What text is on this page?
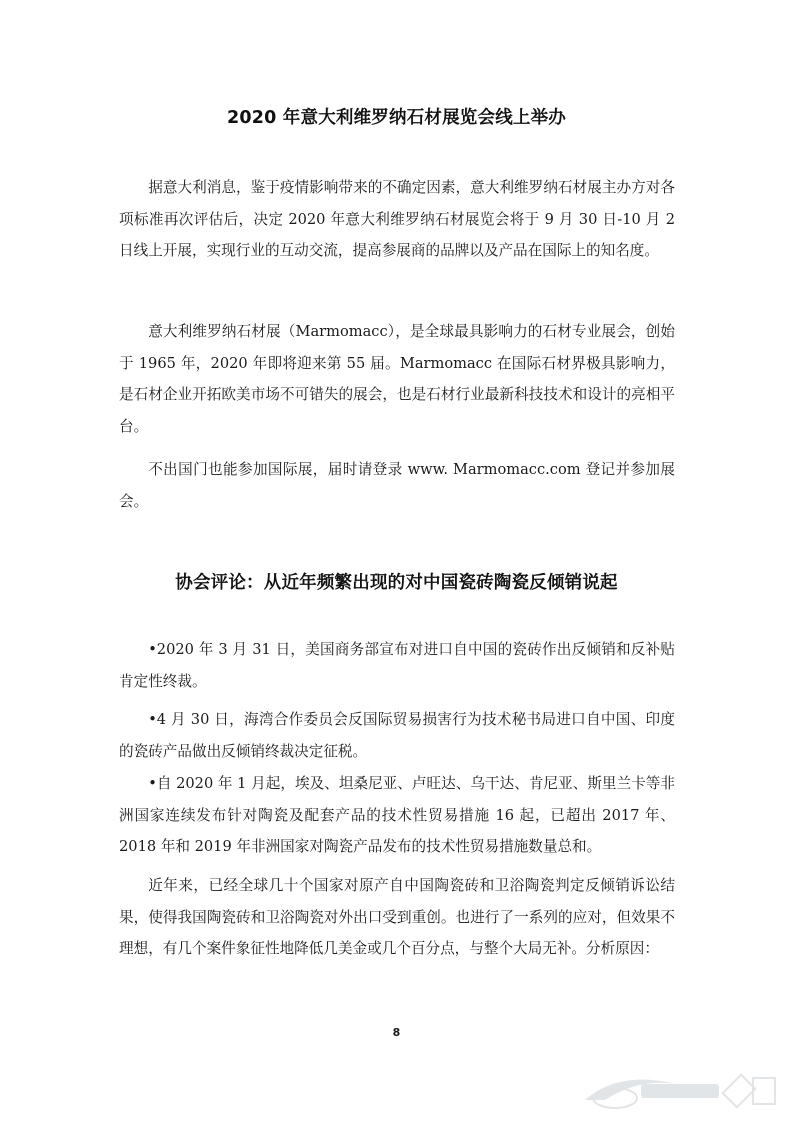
2020 年意大利维罗纳石材展览会线上举办

据意大利消息，鉴于疫情影响带来的不确定因素，意大利维罗纳石材展主办方对各项标准再次评估后，决定 2020 年意大利维罗纳石材展览会将于 9 月 30 日-10 月 2 日线上开展，实现行业的互动交流，提高参展商的品牌以及产品在国际上的知名度。

意大利维罗纳石材展（Marmomacc），是全球最具影响力的石材专业展会，创始于 1965 年，2020 年即将迎来第 55 届。Marmomacc 在国际石材界极具影响力，是石材企业开拓欧美市场不可错失的展会，也是石材行业最新科技技术和设计的亮相平台。

不出国门也能参加国际展，届时请登录 www. Marmomacc.com 登记并参加展会。

协会评论：从近年频繁出现的对中国瓷砖陶瓷反倾销说起

•2020 年 3 月 31 日，美国商务部宣布对进口自中国的瓷砖作出反倾销和反补贴肯定性终裁。

•4 月 30 日，海湾合作委员会反国际贸易损害行为技术秘书局进口自中国、印度的瓷砖产品做出反倾销终裁决定征税。

•自 2020 年 1 月起，埃及、坦桑尼亚、卢旺达、乌干达、肯尼亚、斯里兰卡等非洲国家连续发布针对陶瓷及配套产品的技术性贸易措施 16 起，已超出 2017 年、2018 年和 2019 年非洲国家对陶瓷产品发布的技术性贸易措施数量总和。

近年来，已经全球几十个国家对原产自中国陶瓷砖和卫浴陶瓷判定反倾销诉讼结果，使得我国陶瓷砖和卫浴陶瓷对外出口受到重创。也进行了一系列的应对，但效果不理想，有几个案件象征性地降低几美金或几个百分点，与整个大局无补。分析原因：

8
